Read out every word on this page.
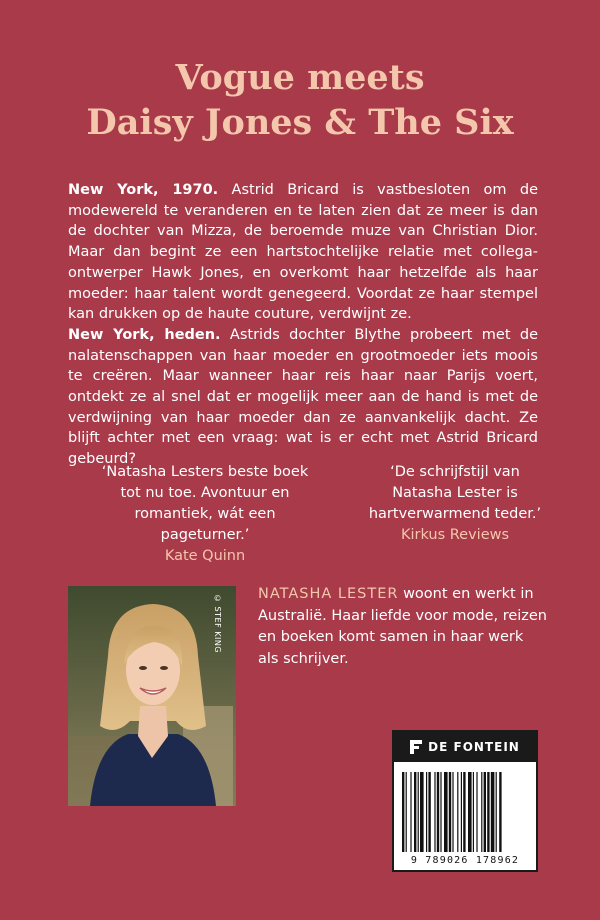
Vogue meets
Daisy Jones & The Six

New York, 1970. Astrid Bricard is vastbesloten om de modewereld te veranderen en te laten zien dat ze meer is dan de dochter van Mizza, de beroemde muze van Christian Dior. Maar dan begint ze een hartstochtelijke relatie met collega-ontwerper Hawk Jones, en overkomt haar hetzelfde als haar moeder: haar talent wordt genegeerd. Voordat ze haar stempel kan drukken op de haute couture, verdwijnt ze.

New York, heden. Astrids dochter Blythe probeert met de nalatenschappen van haar moeder en grootmoeder iets moois te creëren. Maar wanneer haar reis haar naar Parijs voert, ontdekt ze al snel dat er mogelijk meer aan de hand is met de verdwijning van haar moeder dan ze aanvankelijk dacht. Ze blijft achter met een vraag: wat is er echt met Astrid Bricard gebeurd?

‘Natasha Lesters beste boek
tot nu toe. Avontuur en
romantiek, wát een pageturner.’
Kate Quinn
‘De schrijfstijl van
Natasha Lester is
hartverwarmend teder.’
Kirkus Reviews
© STEF KING NATASHA LESTER woont en werkt in Australië. Haar liefde voor mode, reizen en boeken komt samen in haar werk als schrijver.
DE FONTEIN
9 789026 178962
